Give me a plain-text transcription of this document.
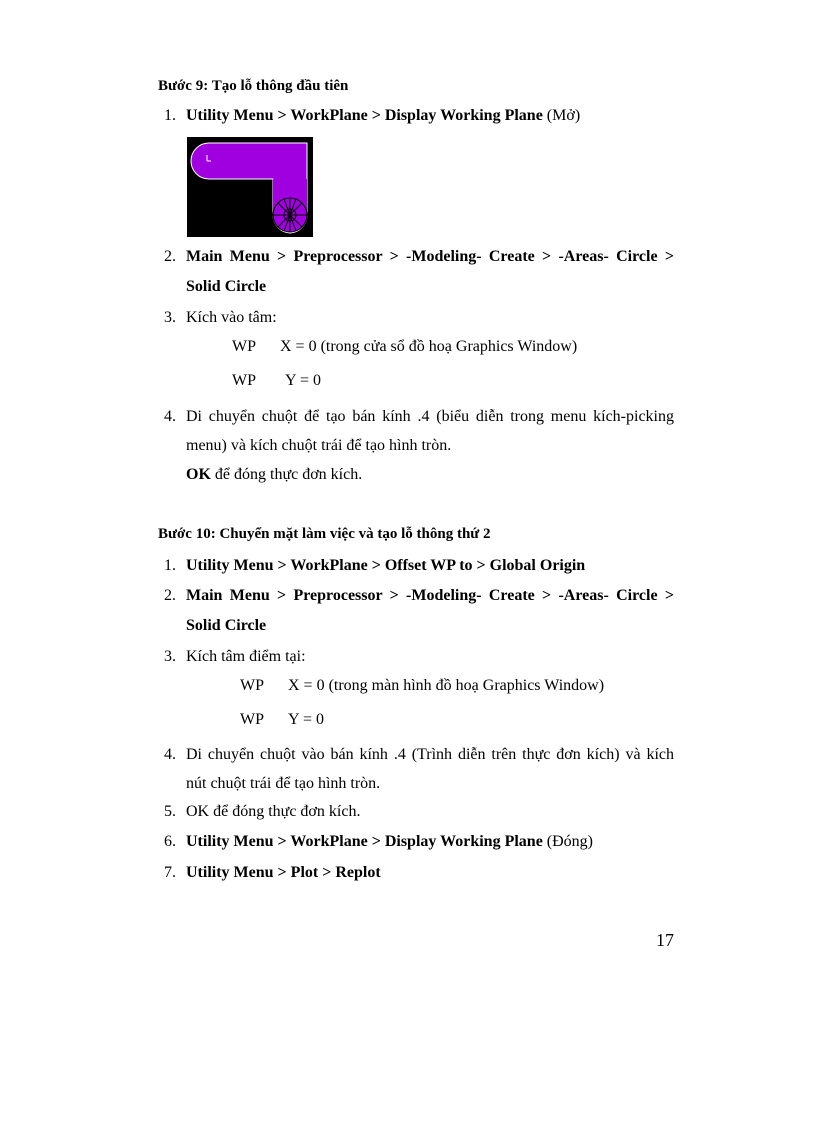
Bước 9: Tạo lỗ thông đầu tiên
1. Utility Menu > WorkPlane > Display Working Plane (Mở)
2. Main Menu > Preprocessor > -Modeling- Create > -Areas- Circle >
Solid Circle
3. Kích vào tâm:
WP X = 0 (trong cửa sổ đồ hoạ Graphics Window)
WP Y = 0
4. Di chuyển chuột để tạo bán kính .4 (biểu diễn trong menu kích-picking
menu) và kích chuột trái để tạo hình tròn.
OK để đóng thực đơn kích.
Bước 10: Chuyển mặt làm việc và tạo lỗ thông thứ 2
1. Utility Menu > WorkPlane > Offset WP to > Global Origin
2. Main Menu > Preprocessor > -Modeling- Create > -Areas- Circle >
Solid Circle
3. Kích tâm điểm tại:
WP X = 0 (trong màn hình đồ hoạ Graphics Window)
WP Y = 0
4. Di chuyển chuột vào bán kính .4 (Trình diễn trên thực đơn kích) và kích
nút chuột trái để tạo hình tròn.
5. OK để đóng thực đơn kích.
6. Utility Menu > WorkPlane > Display Working Plane (Đóng)
7. Utility Menu > Plot > Replot
17
